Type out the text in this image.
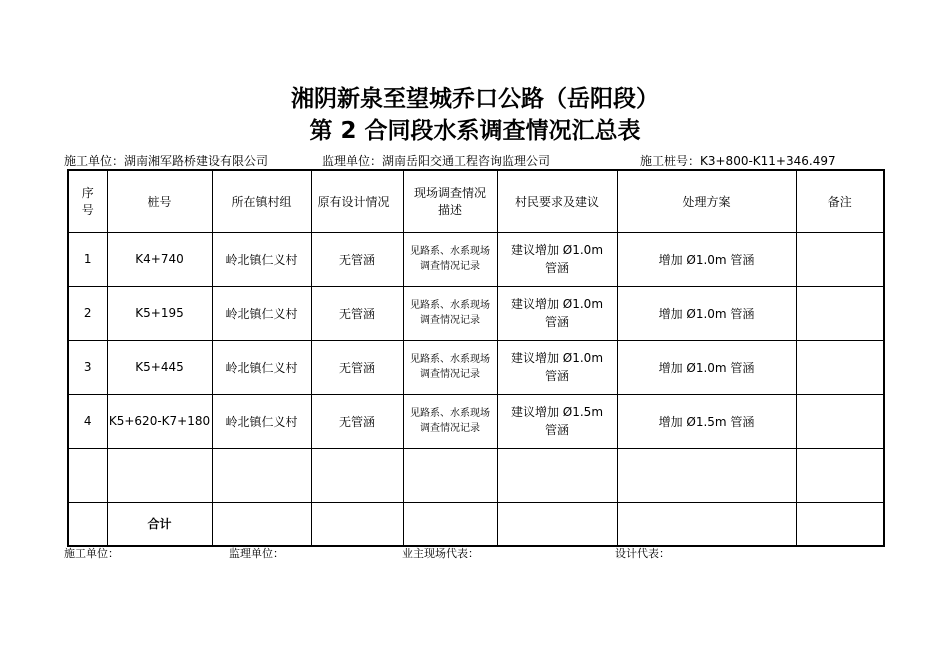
湘阴新泉至望城乔口公路（岳阳段）
第 2 合同段水系调查情况汇总表
施工单位：湖南湘军路桥建设有限公司	监理单位：湖南岳阳交通工程咨询监理公司	施工桩号：K3+800-K11+346.497
序号	桩号	所在镇村组	原有设计情况	现场调查情况描述	村民要求及建议	处理方案	备注
1	K4+740	岭北镇仁义村	无管涵	见路系、水系现场调查情况记录	建议增加 Ø1.0m 管涵	增加 Ø1.0m 管涵	
2	K5+195	岭北镇仁义村	无管涵	见路系、水系现场调查情况记录	建议增加 Ø1.0m 管涵	增加 Ø1.0m 管涵	
3	K5+445	岭北镇仁义村	无管涵	见路系、水系现场调查情况记录	建议增加 Ø1.0m 管涵	增加 Ø1.0m 管涵	
4	K5+620-K7+180	岭北镇仁义村	无管涵	见路系、水系现场调查情况记录	建议增加 Ø1.5m 管涵	增加 Ø1.5m 管涵	

	合计						
施工单位：	监理单位：	业主现场代表：	设计代表：
